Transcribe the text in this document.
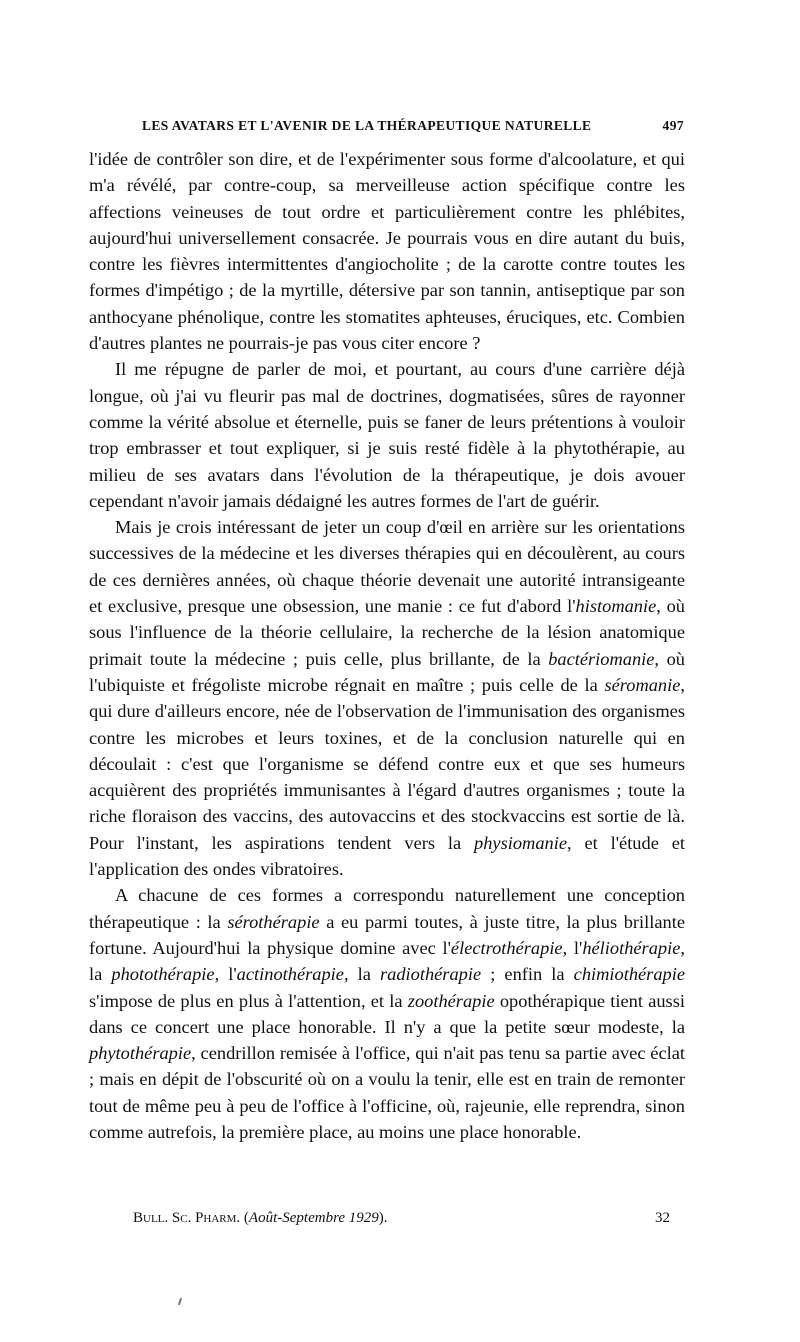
LES AVATARS ET L'AVENIR DE LA THÉRAPEUTIQUE NATURELLE	497

l'idée de contrôler son dire, et de l'expérimenter sous forme d'alcoolature, et qui m'a révélé, par contre-coup, sa merveilleuse action spécifique contre les affections veineuses de tout ordre et particulièrement contre les phlébites, aujourd'hui universellement consacrée. Je pourrais vous en dire autant du buis, contre les fièvres intermittentes d'angiocholite ; de la carotte contre toutes les formes d'impétigo ; de la myrtille, détersive par son tannin, antiseptique par son anthocyane phénolique, contre les stomatites aphteuses, éruciques, etc. Combien d'autres plantes ne pourrais-je pas vous citer encore ?

Il me répugne de parler de moi, et pourtant, au cours d'une carrière déjà longue, où j'ai vu fleurir pas mal de doctrines, dogmatisées, sûres de rayonner comme la vérité absolue et éternelle, puis se faner de leurs prétentions à vouloir trop embrasser et tout expliquer, si je suis resté fidèle à la phytothérapie, au milieu de ses avatars dans l'évolution de la thérapeutique, je dois avouer cependant n'avoir jamais dédaigné les autres formes de l'art de guérir.

Mais je crois intéressant de jeter un coup d'œil en arrière sur les orientations successives de la médecine et les diverses thérapies qui en découlèrent, au cours de ces dernières années, où chaque théorie devenait une autorité intransigeante et exclusive, presque une obsession, une manie : ce fut d'abord l'histomanie, où sous l'influence de la théorie cellulaire, la recherche de la lésion anatomique primait toute la médecine ; puis celle, plus brillante, de la bactériomanie, où l'ubiquiste et frégoliste microbe régnait en maître ; puis celle de la séromanie, qui dure d'ailleurs encore, née de l'observation de l'immunisation des organismes contre les microbes et leurs toxines, et de la conclusion naturelle qui en découlait : c'est que l'organisme se défend contre eux et que ses humeurs acquièrent des propriétés immunisantes à l'égard d'autres organismes ; toute la riche floraison des vaccins, des autovaccins et des stockvaccins est sortie de là. Pour l'instant, les aspirations tendent vers la physiomanie, et l'étude et l'application des ondes vibratoires.

A chacune de ces formes a correspondu naturellement une conception thérapeutique : la sérothérapie a eu parmi toutes, à juste titre, la plus brillante fortune. Aujourd'hui la physique domine avec l'électrothérapie, l'héliothérapie, la photothérapie, l'actinothérapie, la radiothérapie ; enfin la chimiothérapie s'impose de plus en plus à l'attention, et la zoothérapie opothérapique tient aussi dans ce concert une place honorable. Il n'y a que la petite sœur modeste, la phytothérapie, cendrillon remisée à l'office, qui n'ait pas tenu sa partie avec éclat ; mais en dépit de l'obscurité où on a voulu la tenir, elle est en train de remonter tout de même peu à peu de l'office à l'officine, où, rajeunie, elle reprendra, sinon comme autrefois, la première place, au moins une place honorable.

Bull. Sc. Pharm. (Août-Septembre 1929).	32
